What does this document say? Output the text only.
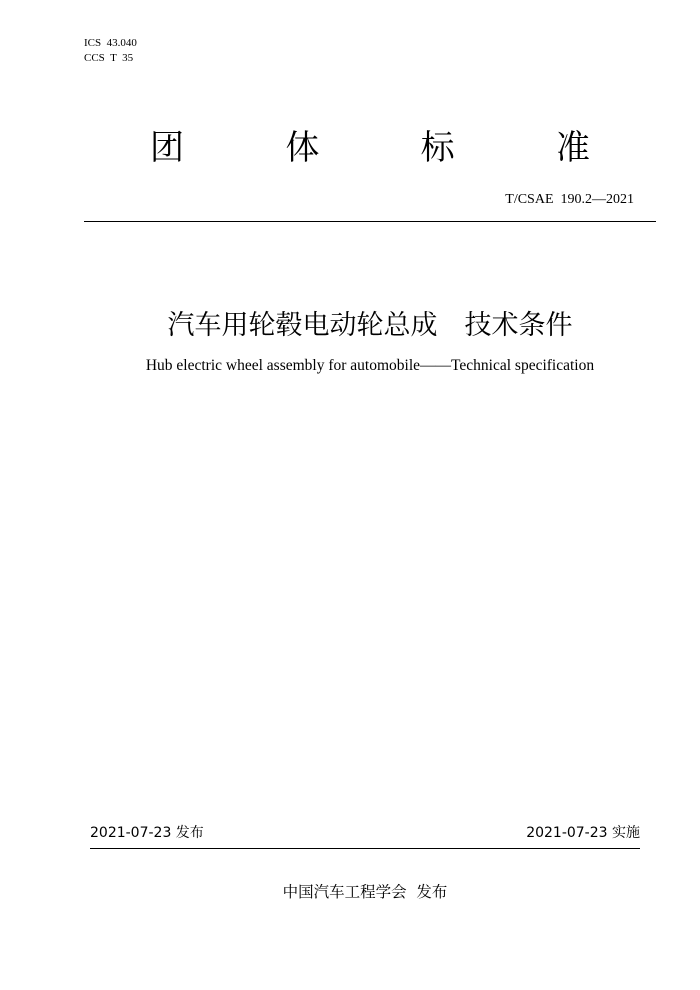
ICS  43.040
CCS  T  35
团	体	标	准
T/CSAE  190.2—2021
汽车用轮毂电动轮总成　技术条件
Hub electric wheel assembly for automobile——Technical specification
2021-07-23 发布	2021-07-23 实施
中国汽车工程学会  发布
